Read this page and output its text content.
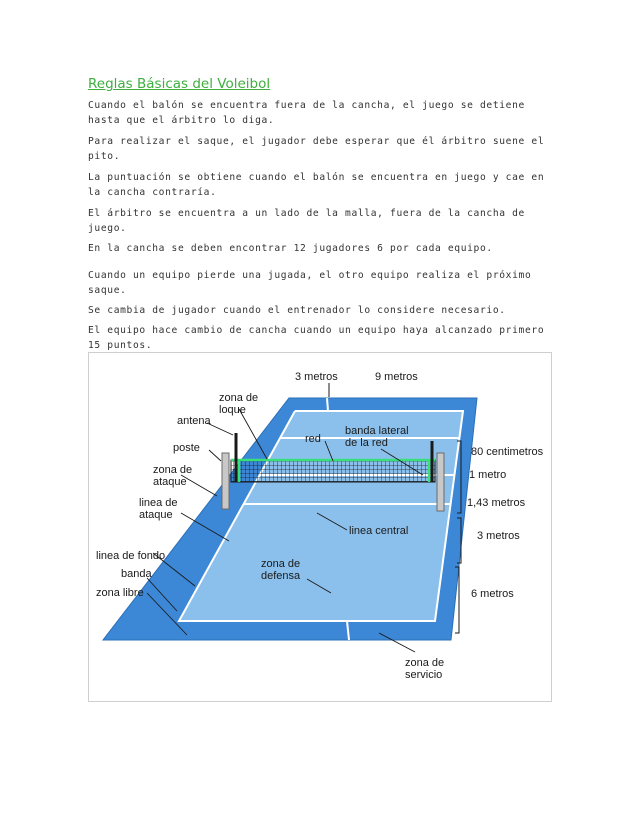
Reglas Básicas del Voleibol

Cuando el balón se encuentra fuera de la cancha, el juego se detiene hasta que el árbitro lo diga.

Para realizar el saque, el jugador debe esperar que él árbitro suene el pito.

La puntuación se obtiene cuando el balón se encuentra en juego y cae en la cancha contraría.

El árbitro se encuentra a un lado de la malla, fuera de la cancha de juego.

En la cancha se deben encontrar 12 jugadores 6 por cada equipo.

Cuando un equipo pierde una jugada, el otro equipo realiza el próximo saque.

Se cambia de jugador cuando el entrenador lo considere necesario.

El equipo hace cambio de cancha cuando un equipo haya alcanzado primero 15 puntos.

3 metros	9 metros
zona de
loque
antena
red
banda lateral
de la red
poste
zona de
ataque
linea de
ataque
linea central
80 centimetros
1 metro
1,43 metros
3 metros
linea de fondo
banda
zona de
defensa
zona libre	6 metros
zona de
servicio
